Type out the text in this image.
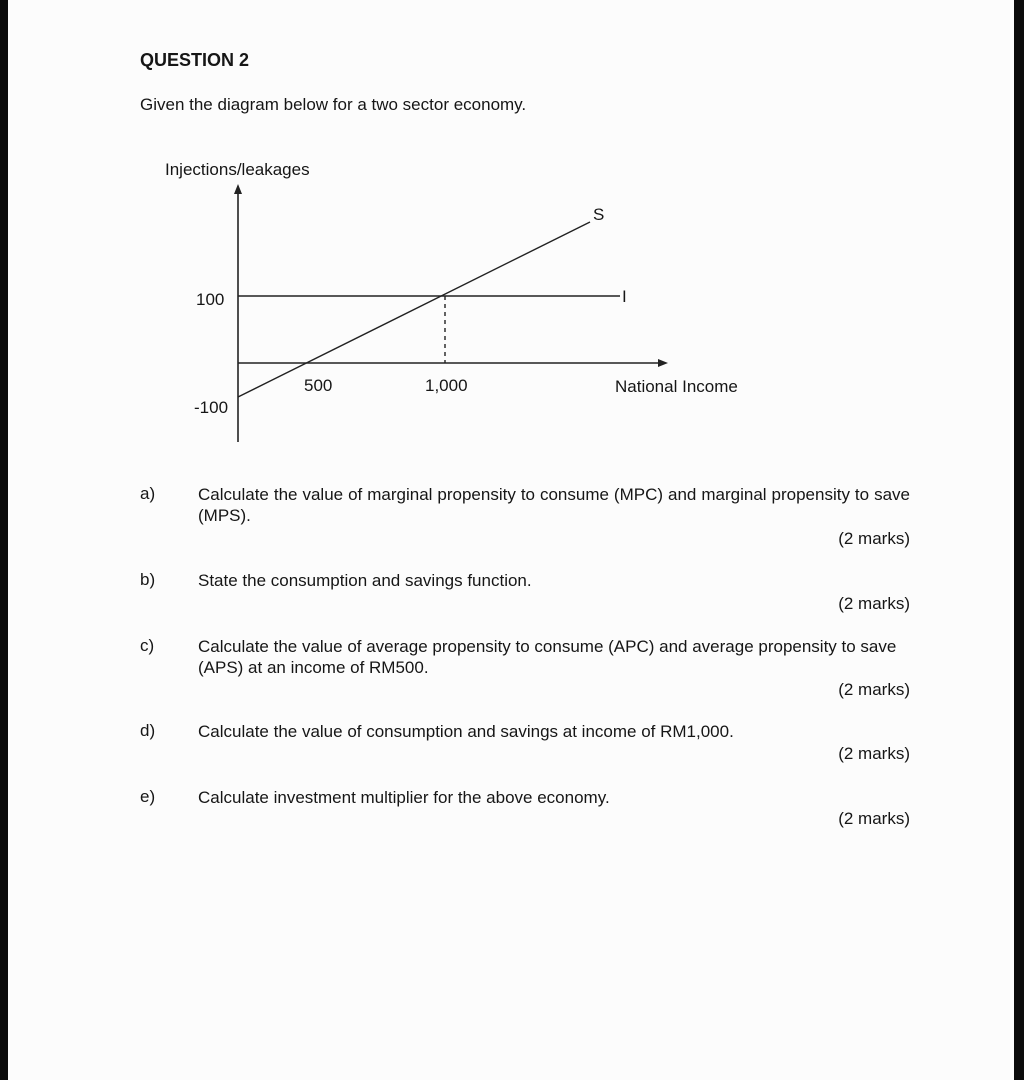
QUESTION 2

Given the diagram below for a two sector economy.

Injections/leakages
National Income
100
-100
500	1,000
S
I
a)	Calculate the value of marginal propensity to consume (MPC) and marginal propensity to save (MPS).
(2 marks)
b)	State the consumption and savings function.
(2 marks)
c)	Calculate the value of average propensity to consume (APC) and average propensity to save (APS) at an income of RM500.
(2 marks)
d)	Calculate the value of consumption and savings at income of RM1,000.
(2 marks)
e)	Calculate investment multiplier for the above economy.
(2 marks)
